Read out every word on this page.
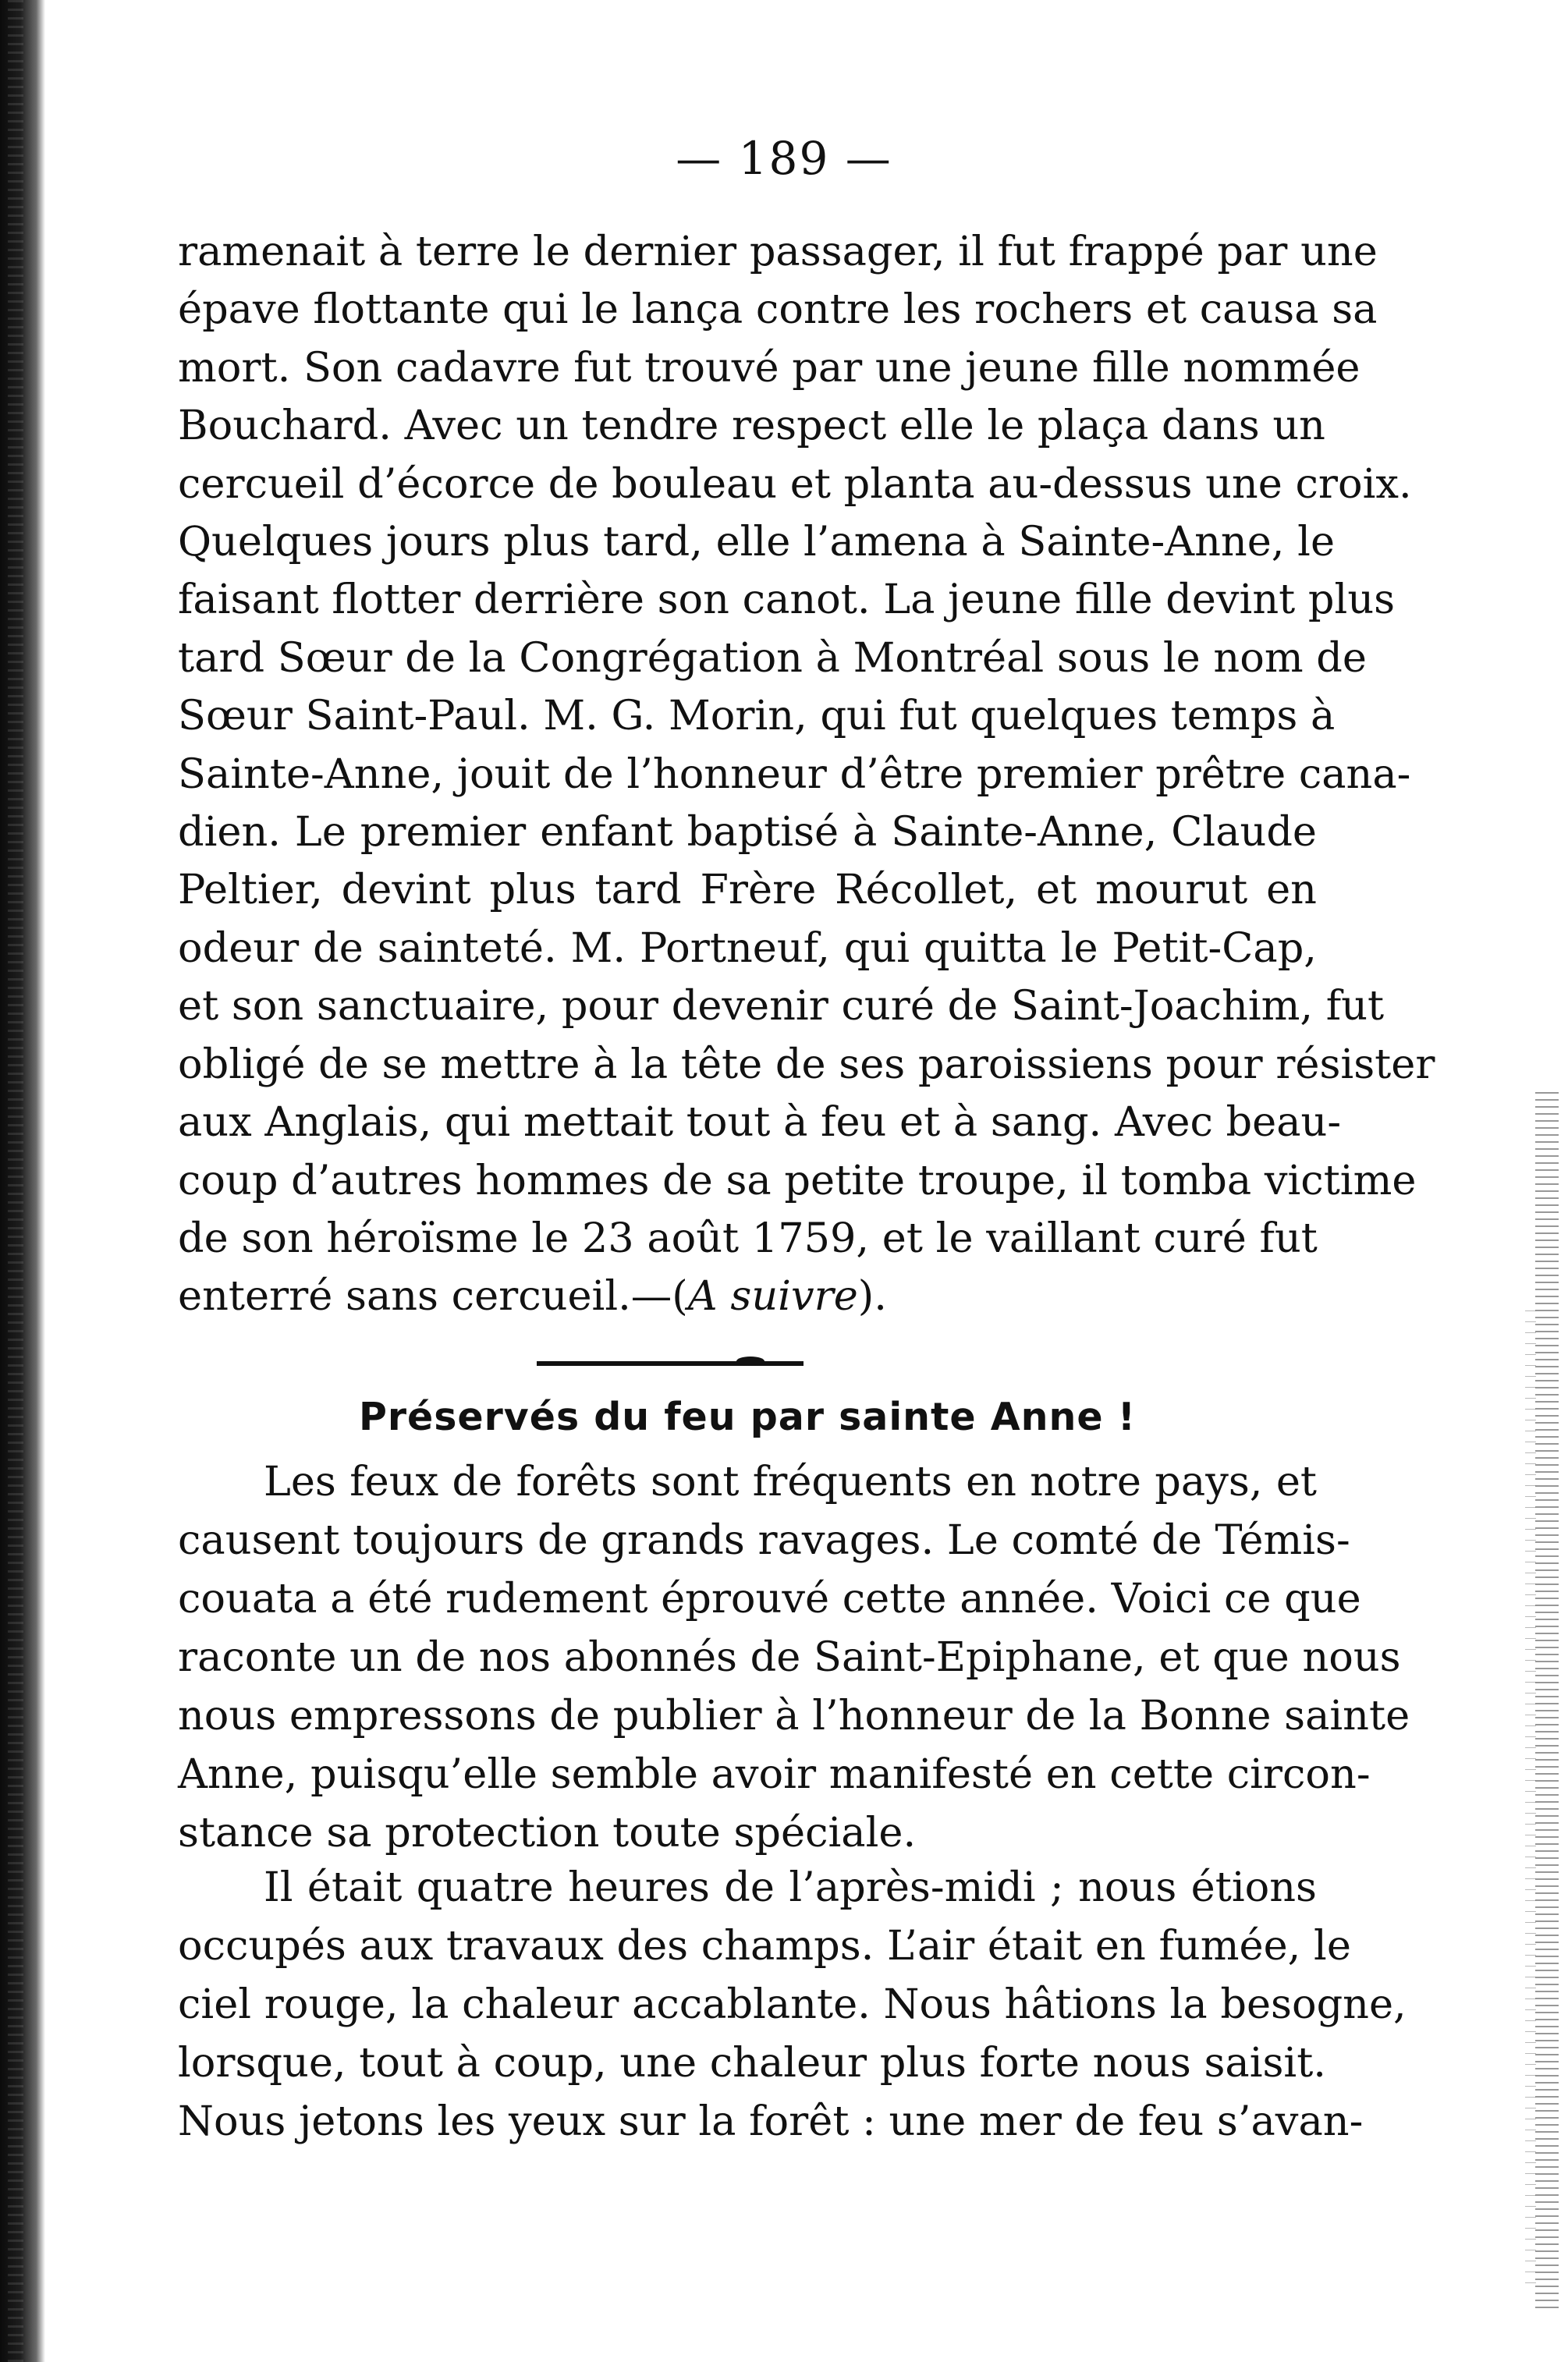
— 189 —

ramenait à terre le dernier passager, il fut frappé par une
épave flottante qui le lança contre les rochers et causa sa
mort. Son cadavre fut trouvé par une jeune fille nommée
Bouchard. Avec un tendre respect elle le plaça dans un
cercueil d’écorce de bouleau et planta au-dessus une croix.
Quelques jours plus tard, elle l’amena à Sainte-Anne, le
faisant flotter derrière son canot. La jeune fille devint plus
tard Sœur de la Congrégation à Montréal sous le nom de
Sœur Saint-Paul. M. G. Morin, qui fut quelques temps à
Sainte-Anne, jouit de l’honneur d’être premier prêtre cana-
dien. Le premier enfant baptisé à Sainte-Anne, Claude
Peltier, devint plus tard Frère Récollet, et mourut en
odeur de sainteté. M. Portneuf, qui quitta le Petit-Cap,
et son sanctuaire, pour devenir curé de Saint-Joachim, fut
obligé de se mettre à la tête de ses paroissiens pour résister
aux Anglais, qui mettait tout à feu et à sang. Avec beau-
coup d’autres hommes de sa petite troupe, il tomba victime
de son héroïsme le 23 août 1759, et le vaillant curé fut
enterré sans cercueil.—(A suivre).

Préservés du feu par sainte Anne !

Les feux de forêts sont fréquents en notre pays, et
causent toujours de grands ravages. Le comté de Témis-
couata a été rudement éprouvé cette année. Voici ce que
raconte un de nos abonnés de Saint-Epiphane, et que nous
nous empressons de publier à l’honneur de la Bonne sainte
Anne, puisqu’elle semble avoir manifesté en cette circon-
stance sa protection toute spéciale.

Il était quatre heures de l’après-midi ; nous étions
occupés aux travaux des champs. L’air était en fumée, le
ciel rouge, la chaleur accablante. Nous hâtions la besogne,
lorsque, tout à coup, une chaleur plus forte nous saisit.
Nous jetons les yeux sur la forêt : une mer de feu s’avan-
